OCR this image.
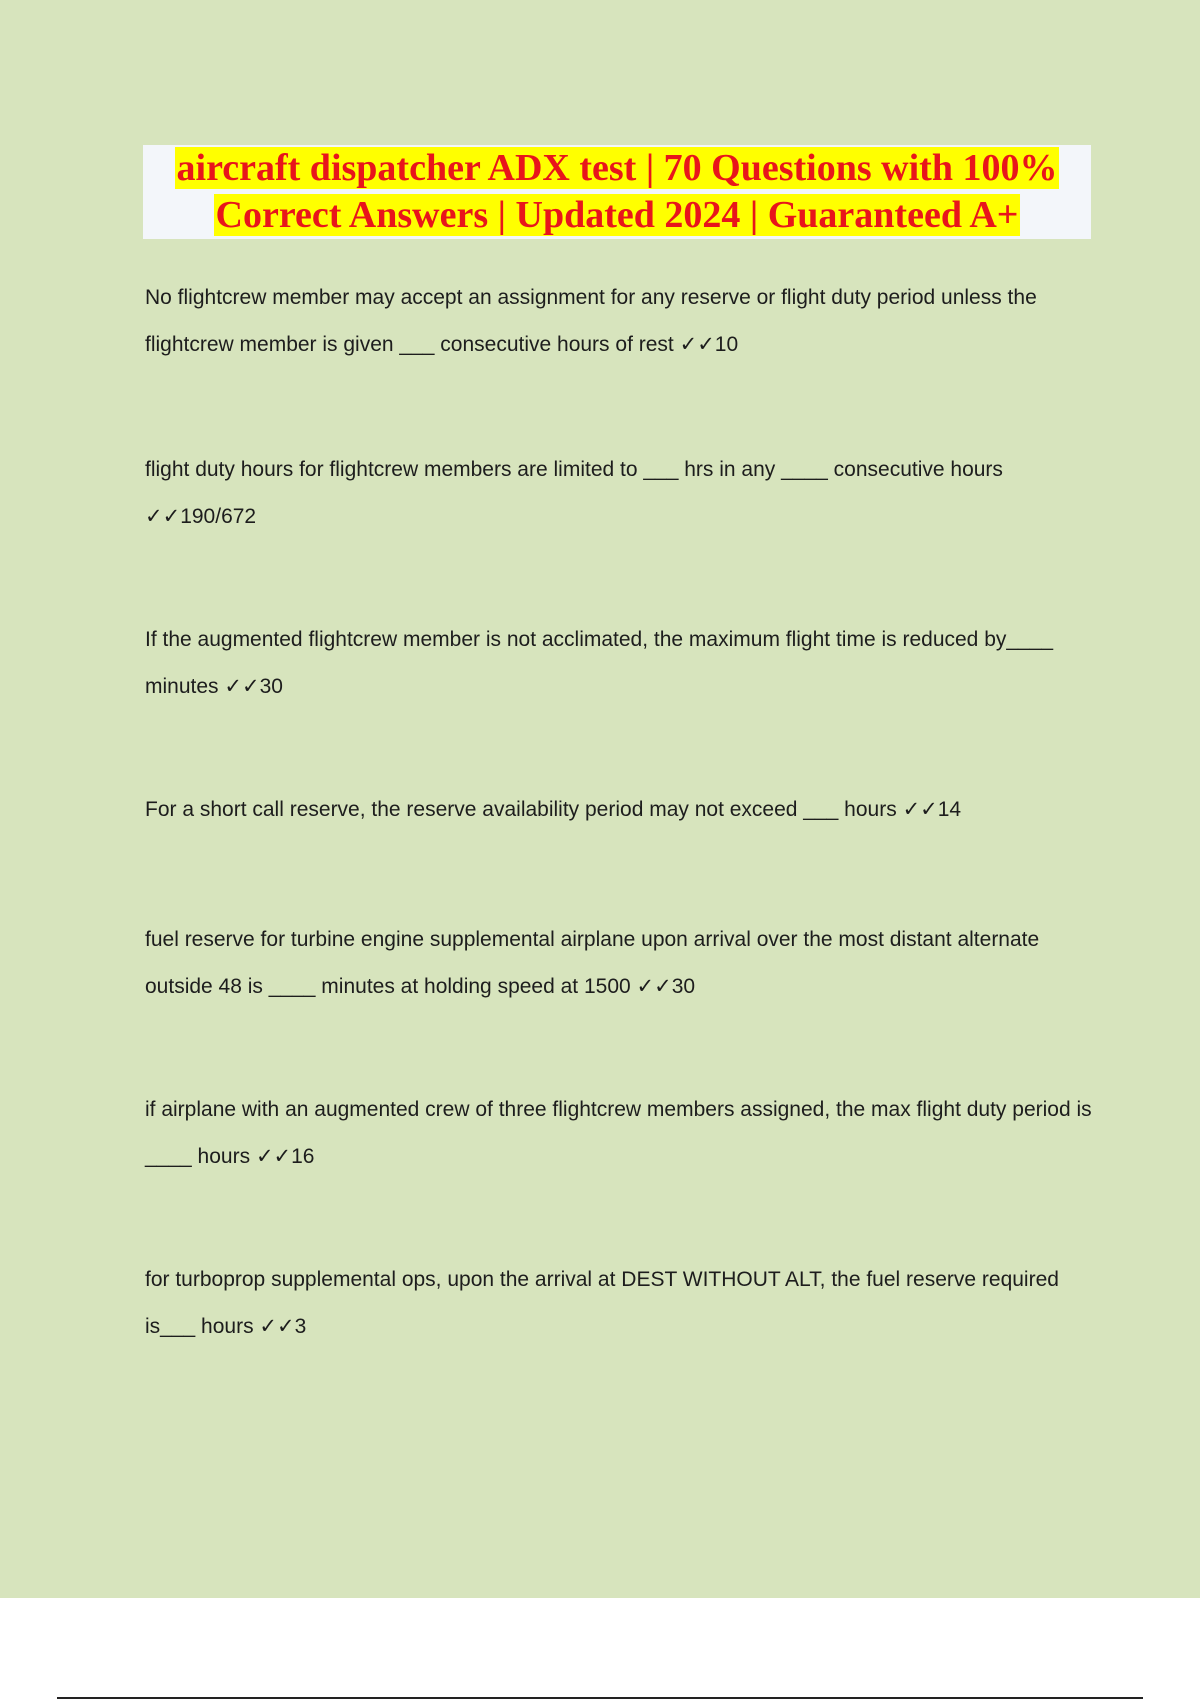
aircraft dispatcher ADX test | 70 Questions with 100%
Correct Answers | Updated 2024 | Guaranteed A+
No flightcrew member may accept an assignment for any reserve or flight duty period unless the flightcrew member is given ___ consecutive hours of rest ✓✓10
flight duty hours for flightcrew members are limited to ___ hrs in any ____ consecutive hours ✓✓190/672
If the augmented flightcrew member is not acclimated, the maximum flight time is reduced by____ minutes ✓✓30
For a short call reserve, the reserve availability period may not exceed ___ hours ✓✓14
fuel reserve for turbine engine supplemental airplane upon arrival over the most distant alternate outside 48 is ____ minutes at holding speed at 1500 ✓✓30
if airplane with an augmented crew of three flightcrew members assigned, the max flight duty period is ____ hours ✓✓16
for turboprop supplemental ops, upon the arrival at DEST WITHOUT ALT, the fuel reserve required is___ hours ✓✓3
